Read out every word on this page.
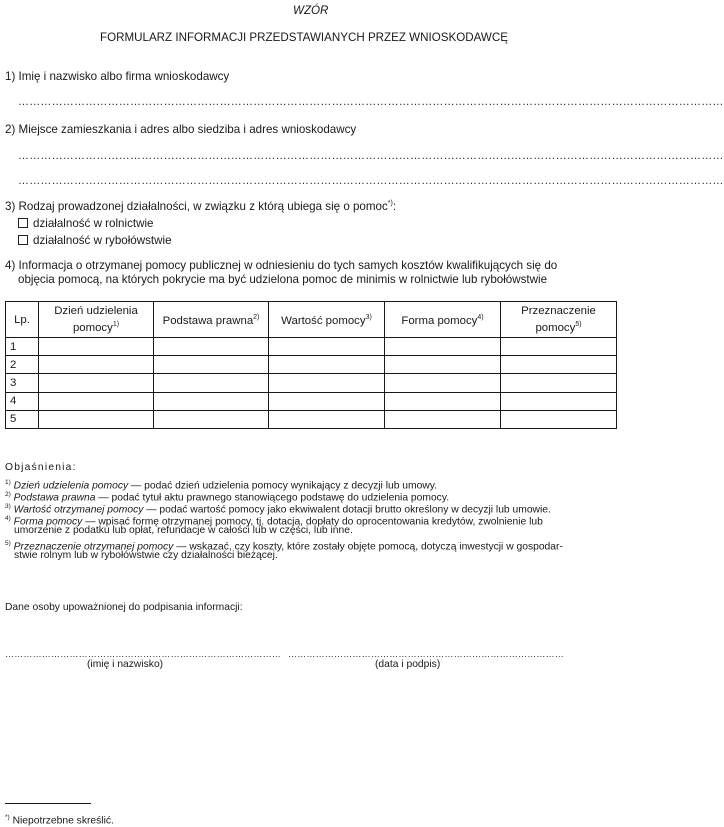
WZÓR
FORMULARZ INFORMACJI PRZEDSTAWIANYCH PRZEZ WNIOSKODAWCĘ
1) Imię i nazwisko albo firma wnioskodawcy
………………………………………………………………………………………………………………………………………………………………………
2) Miejsce zamieszkania i adres albo siedziba i adres wnioskodawcy
………………………………………………………………………………………………………………………………………………………………………
………………………………………………………………………………………………………………………………………………………………………
3) Rodzaj prowadzonej działalności, w związku z którą ubiega się o pomoc*):
działalność w rolnictwie
działalność w rybołówstwie
4) Informacja o otrzymanej pomocy publicznej w odniesieniu do tych samych kosztów kwalifikujących się do
objęcia pomocą, na których pokrycie ma być udzielona pomoc de minimis w rolnictwie lub rybołówstwie
Lp.	Dzień udzielenia pomocy$^{1)}$	Podstawa prawna$^{2)}$	Wartość pomocy$^{3)}$	Forma pomocy$^{4)}$	Przeznaczenie pomocy$^{5)}$
1					
2					
3					
4					
5					
Objaśnienia:
$^{1)}$ Dzień udzielenia pomocy — podać dzień udzielenia pomocy wynikający z decyzji lub umowy.
$^{2)}$ Podstawa prawna — podać tytuł aktu prawnego stanowiącego podstawę do udzielenia pomocy.
$^{3)}$ Wartość otrzymanej pomocy — podać wartość pomocy jako ekwiwalent dotacji brutto określony w decyzji lub umowie.
$^{4)}$ Forma pomocy — wpisać formę otrzymanej pomocy, tj. dotacja, dopłaty do oprocentowania kredytów, zwolnienie lub
umorzenie z podatku lub opłat, refundacje w całości lub w części, lub inne.
$^{5)}$ Przeznaczenie otrzymanej pomocy — wskazać, czy koszty, które zostały objęte pomocą, dotyczą inwestycji w gospodar-
stwie rolnym lub w rybołówstwie czy działalności bieżącej.
Dane osoby upoważnionej do podpisania informacji:
……………………………………………………………………………… ………………………………………………………………………………
(imię i nazwisko)	(data i podpis)
*) Niepotrzebne skreślić.
